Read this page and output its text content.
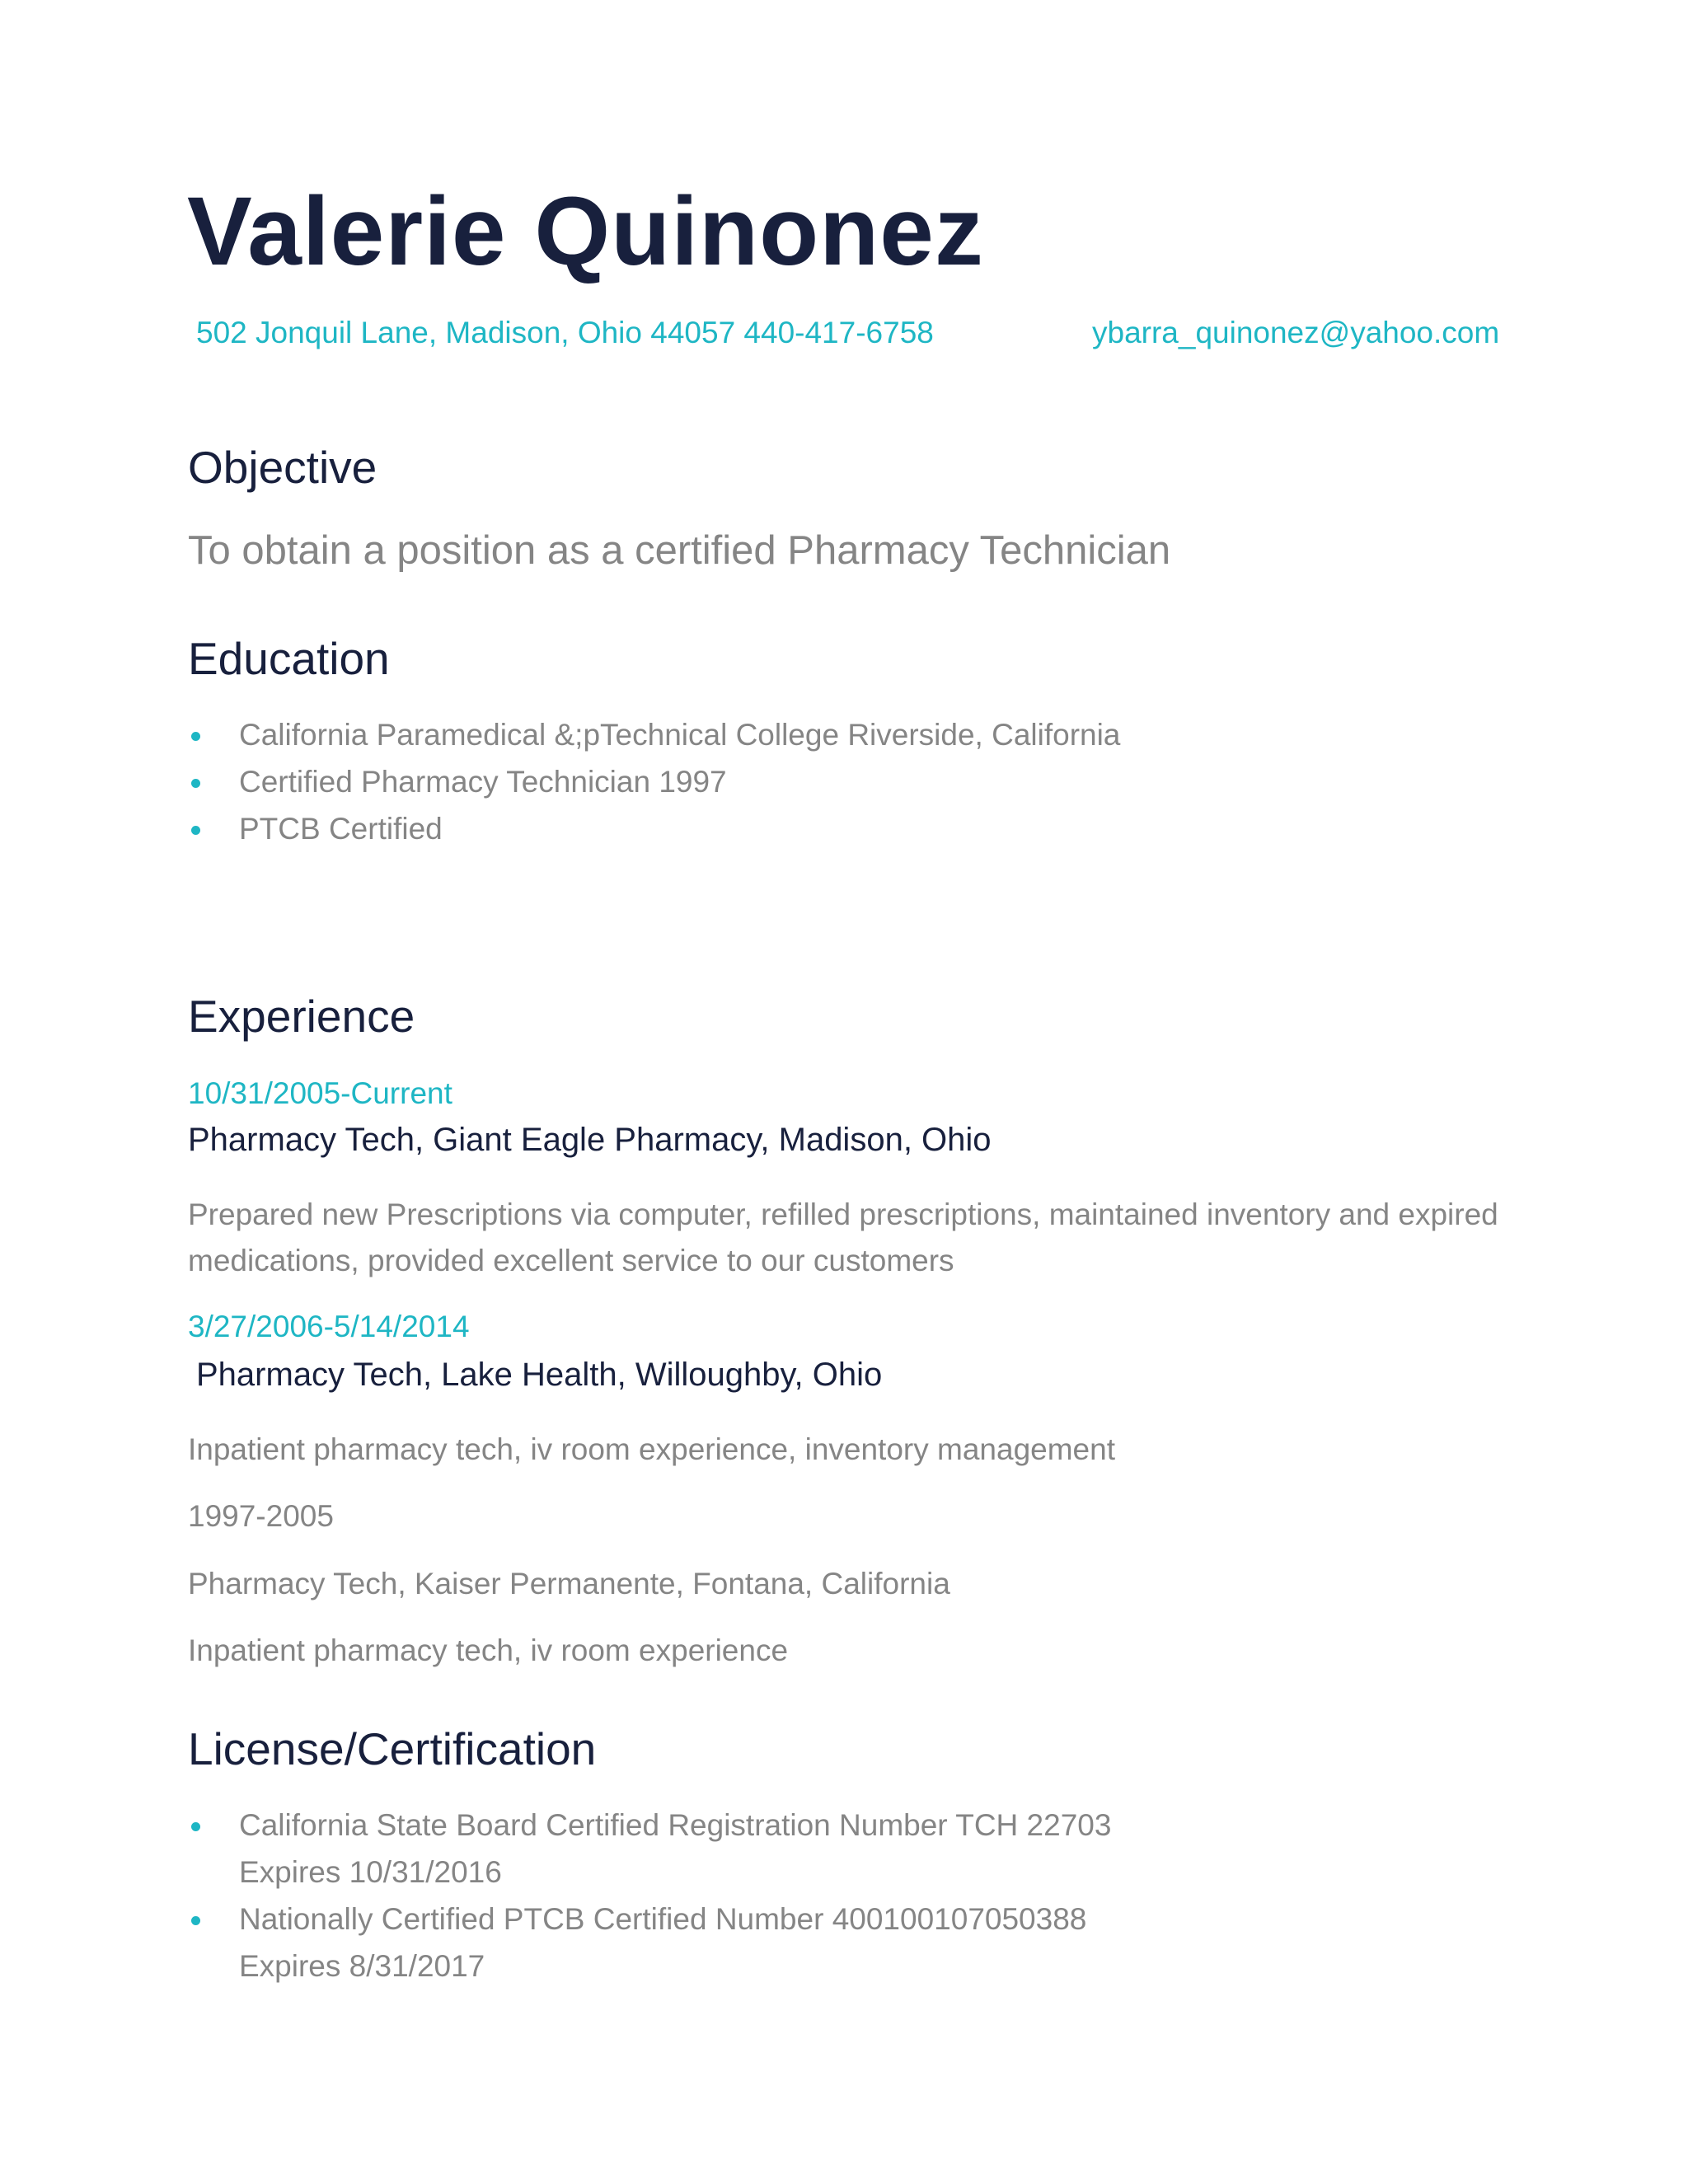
Valerie Quinonez
502 Jonquil Lane, Madison, Ohio 44057 440-417-6758	ybarra_quinonez@yahoo.com
Objective
To obtain a position as a certified Pharmacy Technician
Education
California Paramedical &;pTechnical College Riverside, California
Certified Pharmacy Technician 1997
PTCB Certified
Experience
10/31/2005-Current
Pharmacy Tech, Giant Eagle Pharmacy, Madison, Ohio
Prepared new Prescriptions via computer, refilled prescriptions, maintained inventory and expired
medications, provided excellent service to our customers
3/27/2006-5/14/2014
Pharmacy Tech, Lake Health, Willoughby, Ohio
Inpatient pharmacy tech, iv room experience, inventory management
1997-2005
Pharmacy Tech, Kaiser Permanente, Fontana, California
Inpatient pharmacy tech, iv room experience
License/Certification
California State Board Certified Registration Number TCH 22703
Expires 10/31/2016
Nationally Certified PTCB Certified Number 400100107050388
Expires 8/31/2017
